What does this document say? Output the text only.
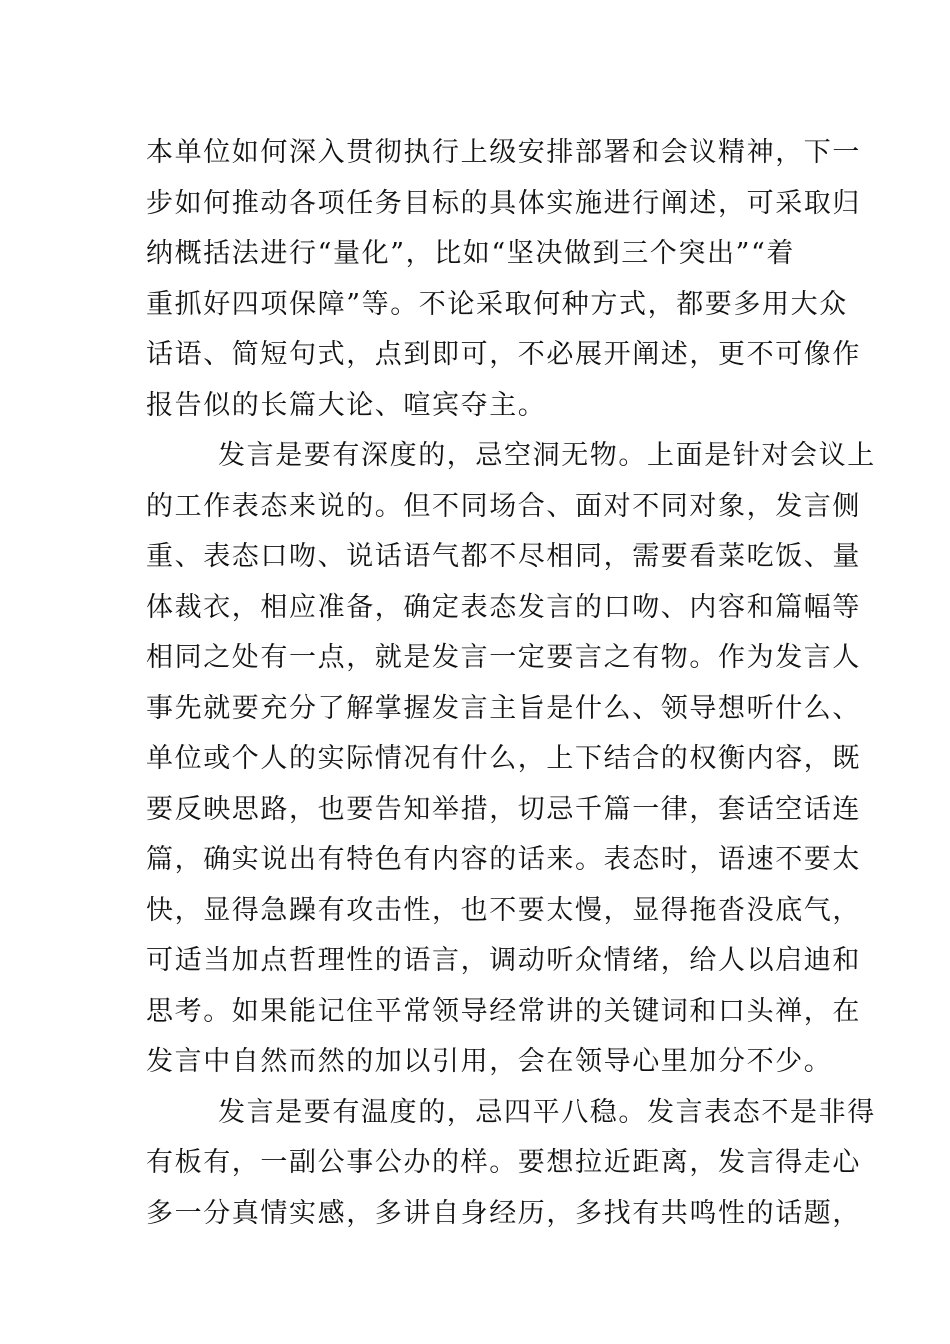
本单位如何深入贯彻执行上级安排部署和会议精神，下一
步如何推动各项任务目标的具体实施进行阐述，可采取归
纳概括法进行“量化”，比如“坚决做到三个突出”“着
重抓好四项保障”等。不论采取何种方式，都要多用大众
话语、简短句式，点到即可，不必展开阐述，更不可像作
报告似的长篇大论、喧宾夺主。
发言是要有深度的，忌空洞无物。上面是针对会议上
的工作表态来说的。但不同场合、面对不同对象，发言侧
重、表态口吻、说话语气都不尽相同，需要看菜吃饭、量
体裁衣，相应准备，确定表态发言的口吻、内容和篇幅等
相同之处有一点，就是发言一定要言之有物。作为发言人
事先就要充分了解掌握发言主旨是什么、领导想听什么、
单位或个人的实际情况有什么，上下结合的权衡内容，既
要反映思路，也要告知举措，切忌千篇一律，套话空话连
篇，确实说出有特色有内容的话来。表态时，语速不要太
快，显得急躁有攻击性，也不要太慢，显得拖沓没底气，
可适当加点哲理性的语言，调动听众情绪，给人以启迪和
思考。如果能记住平常领导经常讲的关键词和口头禅，在
发言中自然而然的加以引用，会在领导心里加分不少。
发言是要有温度的，忌四平八稳。发言表态不是非得
有板有，一副公事公办的样。要想拉近距离，发言得走心
多一分真情实感，多讲自身经历，多找有共鸣性的话题，
